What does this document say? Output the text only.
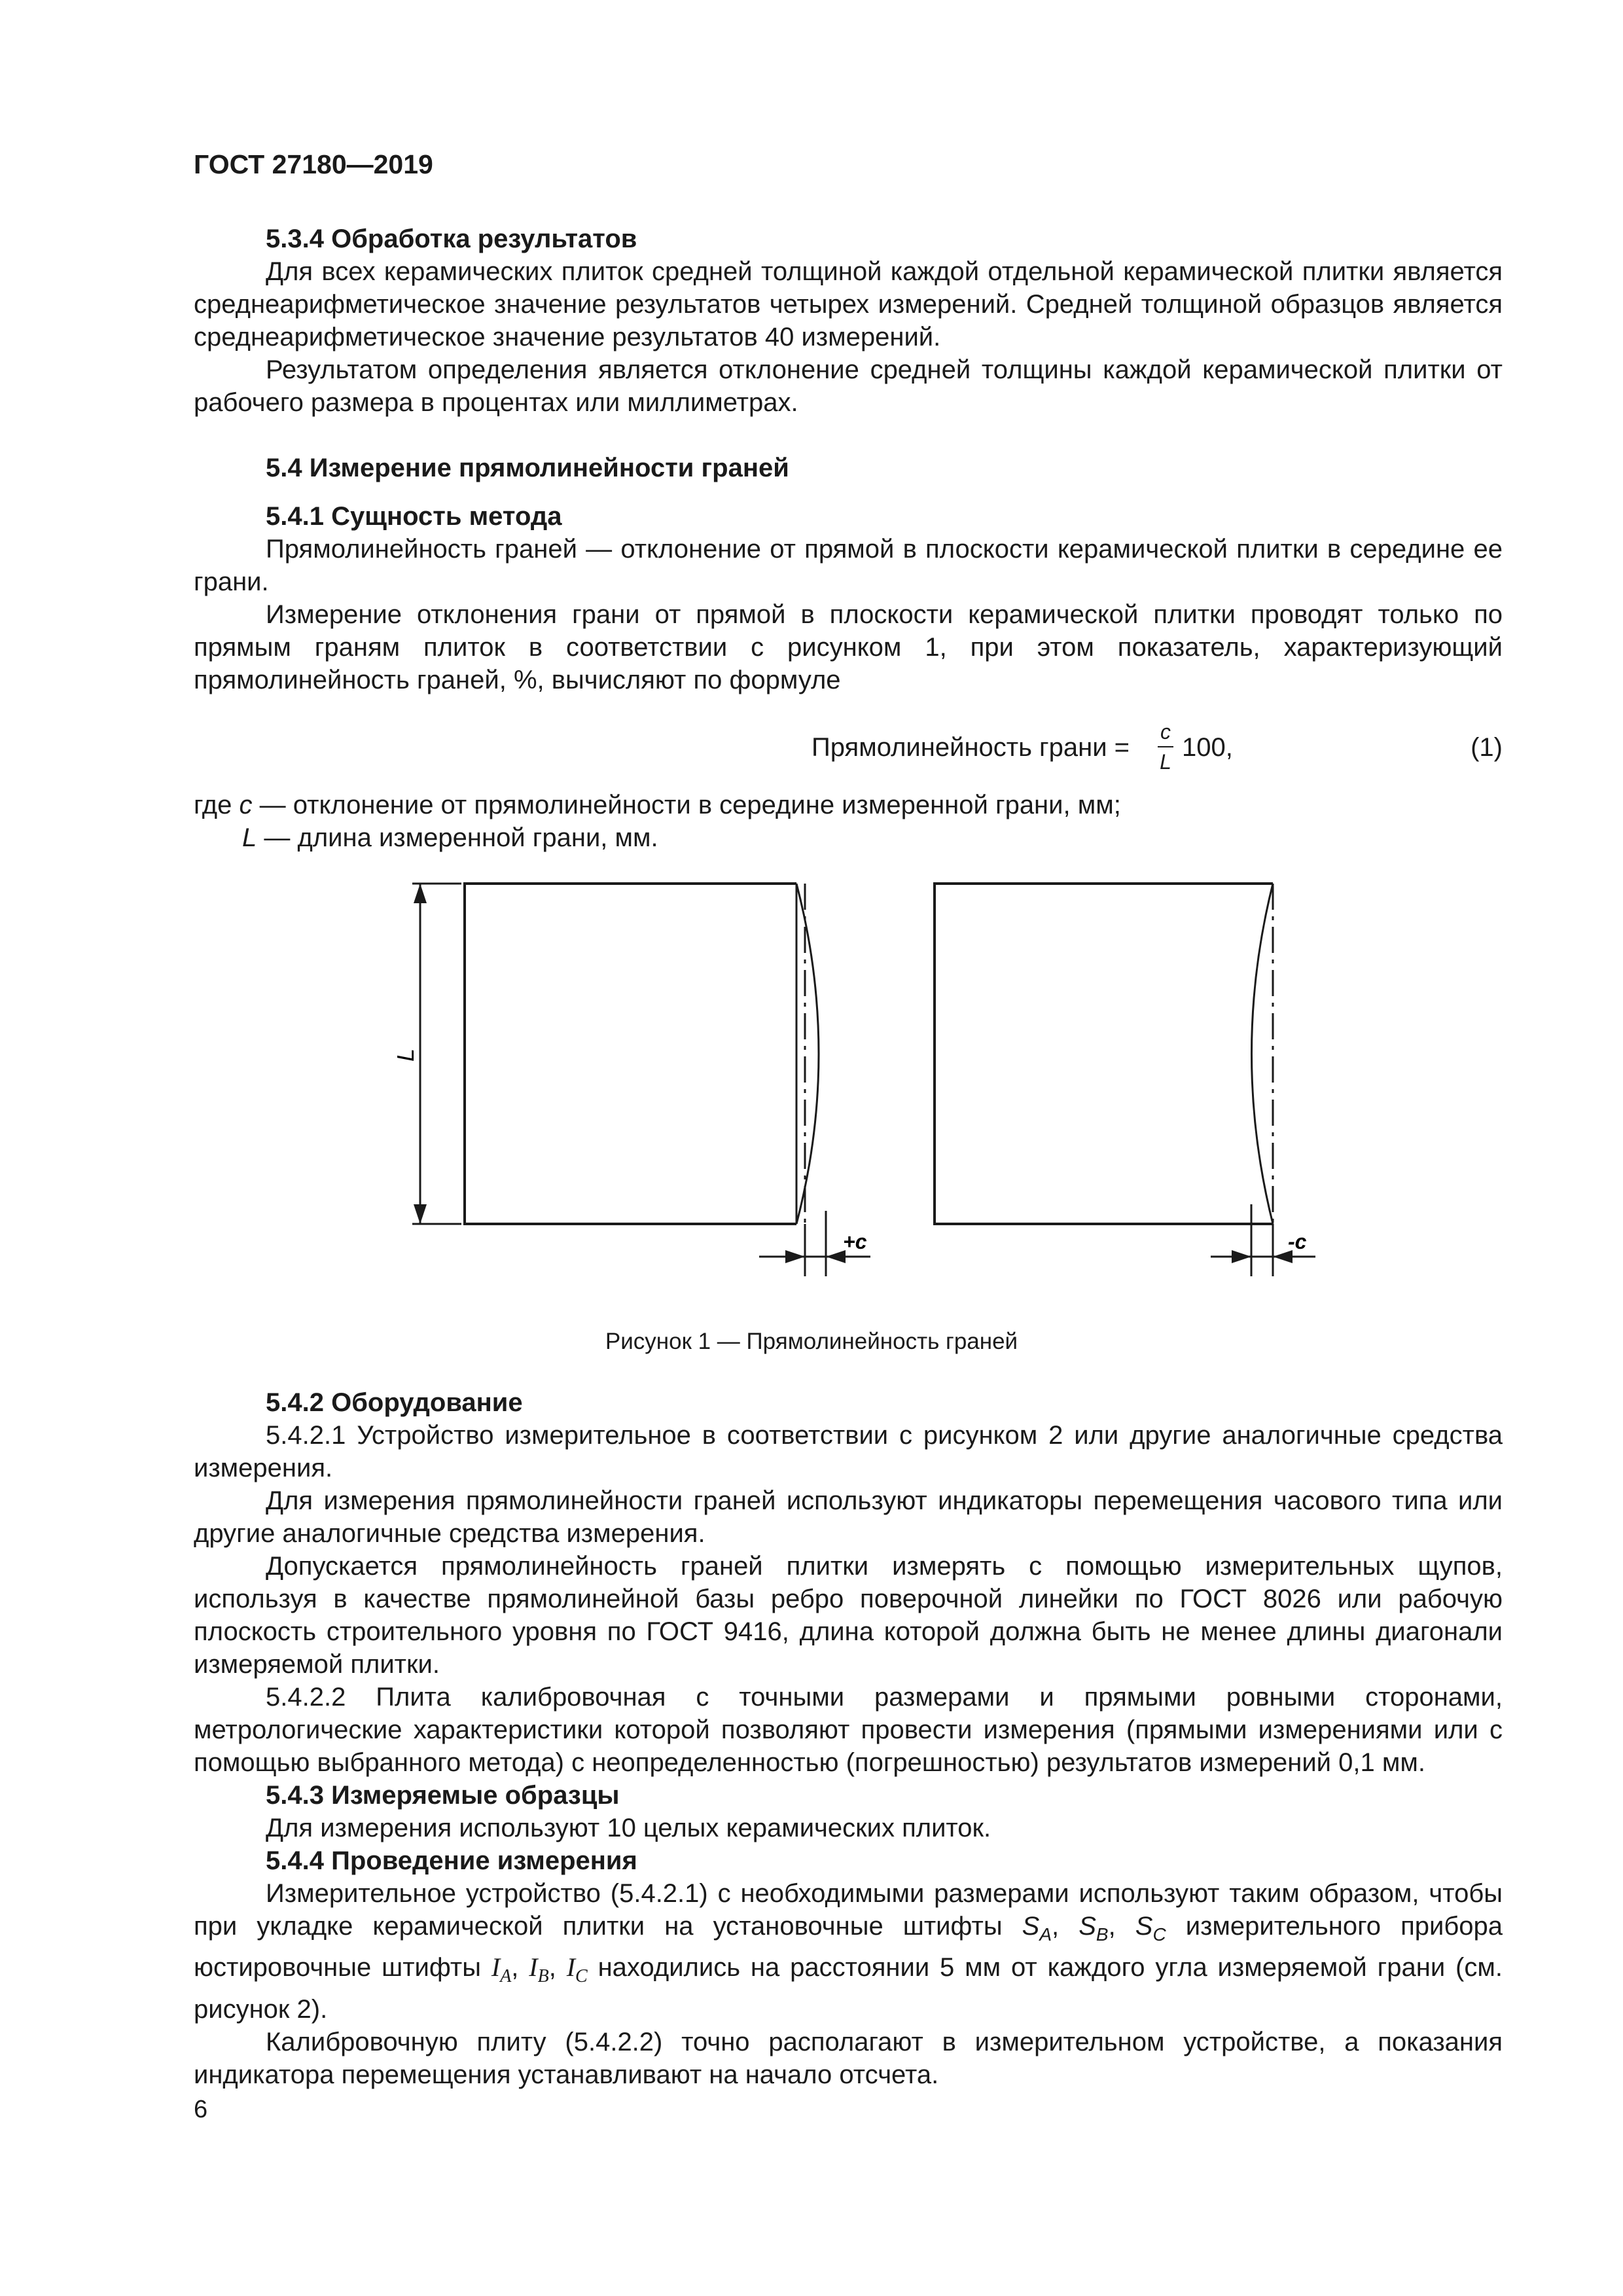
ГОСТ 27180—2019

5.3.4 Обработка результатов

Для всех керамических плиток средней толщиной каждой отдельной керамической плитки является среднеарифметическое значение результатов четырех измерений. Средней толщиной образцов является среднеарифметическое значение результатов 40 измерений.

Результатом определения является отклонение средней толщины каждой керамической плитки от рабочего размера в процентах или миллиметрах.

5.4 Измерение прямолинейности граней

5.4.1 Сущность метода

Прямолинейность граней — отклонение от прямой в плоскости керамической плитки в середине ее грани.

Измерение отклонения грани от прямой в плоскости керамической плитки проводят только по прямым граням плиток в соответствии с рисунком 1, при этом показатель, характеризующий прямолинейность граней, %, вычисляют по формуле

Прямолинейность грани =
c
L 100,	(1)

где c — отклонение от прямолинейности в середине измеренной грани, мм;

L — длина измеренной грани, мм.

L
+c	-c
Рисунок 1 — Прямолинейность граней

5.4.2 Оборудование

5.4.2.1 Устройство измерительное в соответствии с рисунком 2 или другие аналогичные средства измерения.

Для измерения прямолинейности граней используют индикаторы перемещения часового типа или другие аналогичные средства измерения.

Допускается прямолинейность граней плитки измерять с помощью измерительных щупов, используя в качестве прямолинейной базы ребро поверочной линейки по ГОСТ 8026 или рабочую плоскость строительного уровня по ГОСТ 9416, длина которой должна быть не менее длины диагонали измеряемой плитки.

5.4.2.2 Плита калибровочная с точными размерами и прямыми ровными сторонами, метрологические характеристики которой позволяют провести измерения (прямыми измерениями или с помощью выбранного метода) с неопределенностью (погрешностью) результатов измерений 0,1 мм.

5.4.3 Измеряемые образцы

Для измерения используют 10 целых керамических плиток.

5.4.4 Проведение измерения

Измерительное устройство (5.4.2.1) с необходимыми размерами используют таким образом, чтобы при укладке керамической плитки на установочные штифты $S_A$, $S_B$, $S_C$ измерительного прибора юстировочные штифты $I_A$, $I_B$, $I_C$ находились на расстоянии 5 мм от каждого угла измеряемой грани (см. рисунок 2).

Калибровочную плиту (5.4.2.2) точно располагают в измерительном устройстве, а показания индикатора перемещения устанавливают на начало отсчета.

6
